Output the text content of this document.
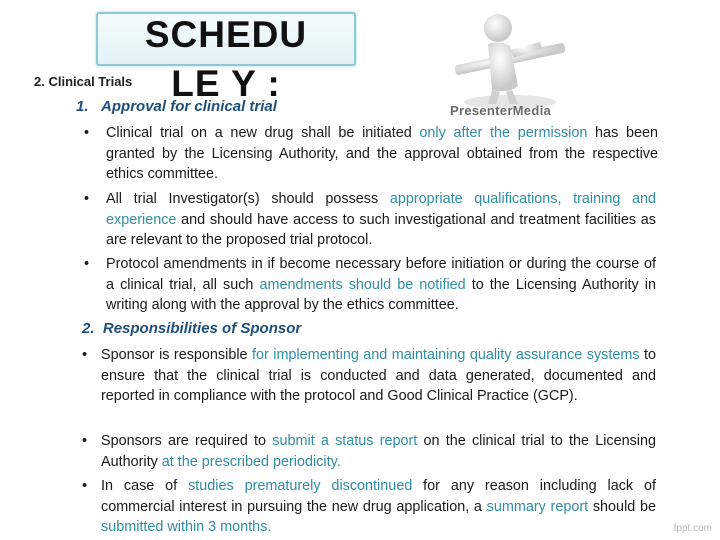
SCHEDU
PresenterMedia
2. Clinical Trials	LE Y :
1. Approval for clinical trial
• Clinical trial on a new drug shall be initiated only after the permission has been granted by the Licensing Authority, and the approval obtained from the respective ethics committee.
• All trial Investigator(s) should possess appropriate qualifications, training and experience and should have access to such investigational and treatment facilities as are relevant to the proposed trial protocol.
• Protocol amendments in if become necessary before initiation or during the course of a clinical trial, all such amendments should be notified to the Licensing Authority in writing along with the approval by the ethics committee.
2. Responsibilities of Sponsor
• Sponsor is responsible for implementing and maintaining quality assurance systems to ensure that the clinical trial is conducted and data generated, documented and reported in compliance with the protocol and Good Clinical Practice (GCP).
• Sponsors are required to submit a status report on the clinical trial to the Licensing Authority at the prescribed periodicity.
• In case of studies prematurely discontinued for any reason including lack of commercial interest in pursuing the new drug application, a summary report should be submitted within 3 months.	fppt.com
